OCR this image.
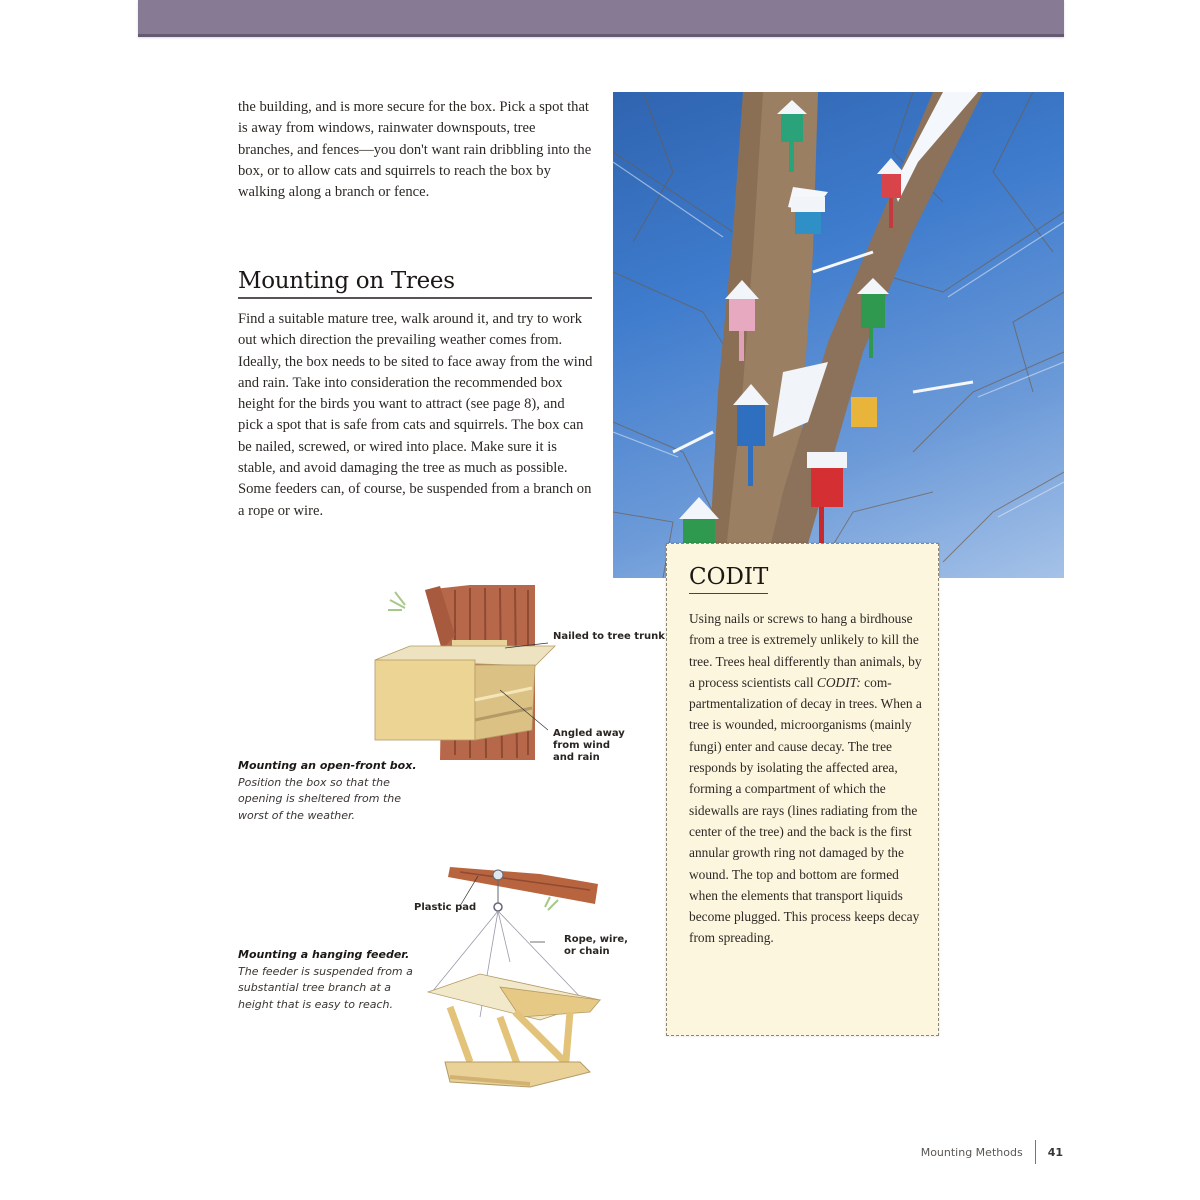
the building, and is more secure for the box. Pick a spot that is away from windows, rainwater downspouts, tree branches, and fences—you don't want rain dribbling into the box, or to allow cats and squirrels to reach the box by walking along a branch or fence.

Mounting on Trees

Find a suitable mature tree, walk around it, and try to work out which direction the prevailing weather comes from. Ideally, the box needs to be sited to face away from the wind and rain. Take into consideration the recommended box height for the birds you want to attract (see page 8), and pick a spot that is safe from cats and squirrels. The box can be nailed, screwed, or wired into place. Make sure it is stable, and avoid damaging the tree as much as possible. Some feeders can, of course, be suspended from a branch on a rope or wire.

CODIT

Using nails or screws to hang a birdhouse from a tree is extremely unlikely to kill the tree. Trees heal differently than animals, by a process scientists call CODIT: compartmentalization of decay in trees. When a tree is wounded, microorganisms (mainly fungi) enter and cause decay. The tree responds by isolating the affected area, forming a compartment of which the sidewalls are rays (lines radiating from the center of the tree) and the back is the first annular growth ring not damaged by the wound. The top and bottom are formed when the elements that transport liquids become plugged. This process keeps decay from spreading.

Nailed to tree trunk
Angled away from wind and rain

Mounting an open-front box. Position the box so that the opening is sheltered from the worst of the weather.

Plastic pad
Rope, wire, or chain

Mounting a hanging feeder. The feeder is suspended from a substantial tree branch at a height that is easy to reach.

Mounting Methods 41
